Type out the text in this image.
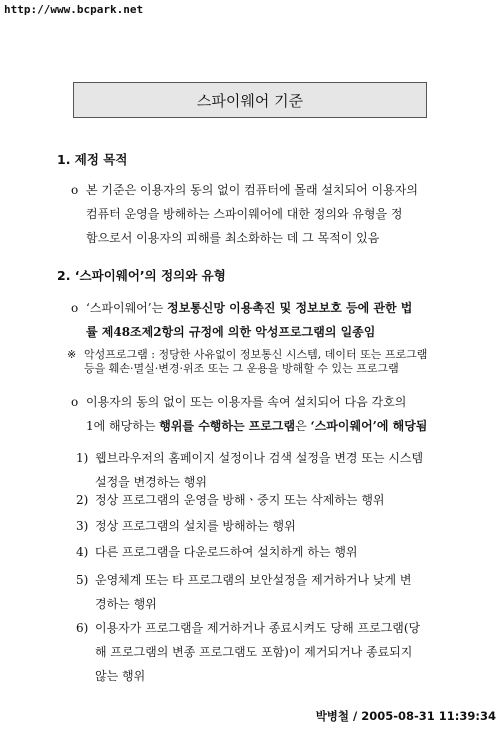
http://www.bcpark.net
스파이웨어 기준
1. 제정 목적
o 본 기준은 이용자의 동의 없이 컴퓨터에 몰래 설치되어 이용자의
컴퓨터 운영을 방해하는 스파이웨어에 대한 정의와 유형을 정
함으로서 이용자의 피해를 최소화하는 데 그 목적이 있음
2. ‘스파이웨어’의 정의와 유형
o ‘스파이웨어’는 정보통신망 이용촉진 및 정보보호 등에 관한 법
률 제48조제2항의 규정에 의한 악성프로그램의 일종임
※ 악성프로그램 : 정당한 사유없이 정보통신 시스템, 데이터 또는 프로그램
등을 훼손·멸실·변경·위조 또는 그 운용을 방해할 수 있는 프로그램
o 이용자의 동의 없이 또는 이용자를 속여 설치되어 다음 각호의
1에 해당하는 행위를 수행하는 프로그램은 ‘스파이웨어’에 해당됨
1) 웹브라우저의 홈페이지 설정이나 검색 설정을 변경 또는 시스템
설정을 변경하는 행위
2) 정상 프로그램의 운영을 방해ㆍ중지 또는 삭제하는 행위
3) 정상 프로그램의 설치를 방해하는 행위
4) 다른 프로그램을 다운로드하여 설치하게 하는 행위
5) 운영체계 또는 타 프로그램의 보안설정을 제거하거나 낮게 변
경하는 행위
6) 이용자가 프로그램을 제거하거나 종료시켜도 당해 프로그램(당
해 프로그램의 변종 프로그램도 포함)이 제거되거나 종료되지
않는 행위
박병철 / 2005-08-31 11:39:34
